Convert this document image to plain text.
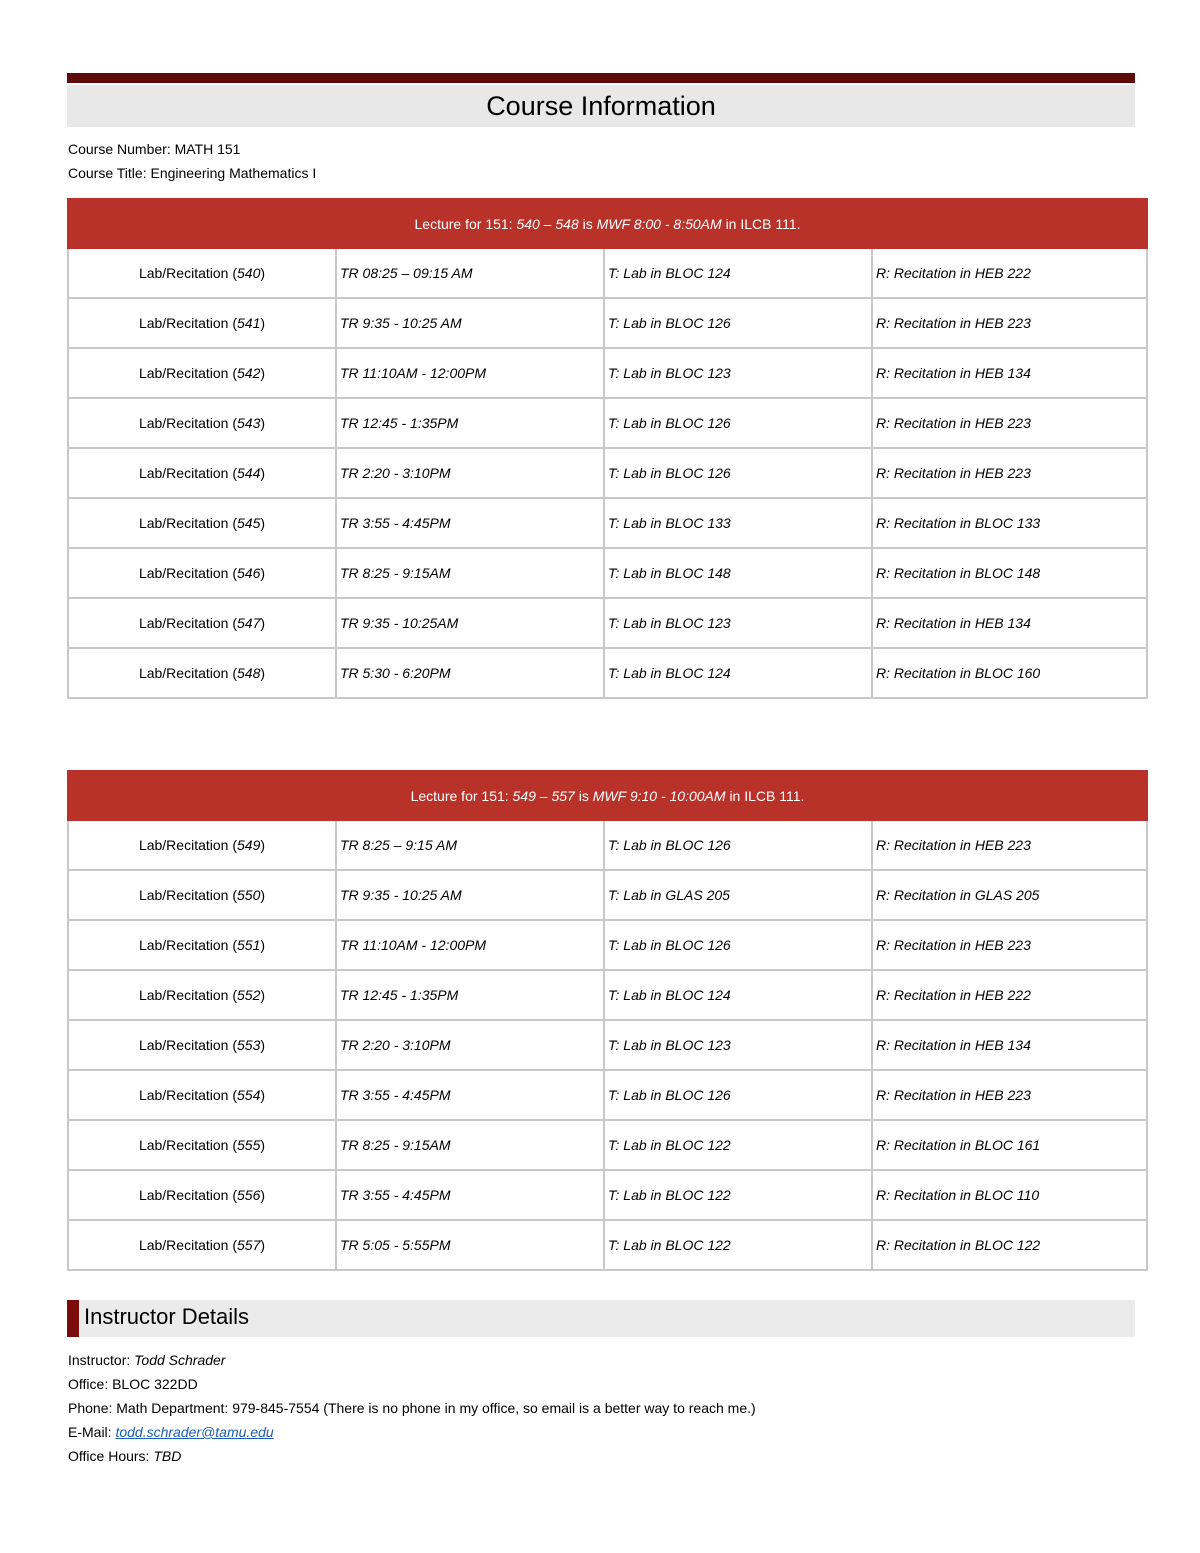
Course Information
Course Number: MATH 151
Course Title: Engineering Mathematics I
Lecture for 151: 540 – 548 is MWF 8:00 - 8:50AM in ILCB 111.			
Lab/Recitation (540)	TR 08:25 – 09:15 AM	T: Lab in BLOC 124	R: Recitation in HEB 222
Lab/Recitation (541)	TR 9:35 - 10:25 AM	T: Lab in BLOC 126	R: Recitation in HEB 223
Lab/Recitation (542)	TR 11:10AM - 12:00PM	T: Lab in BLOC 123	R: Recitation in HEB 134
Lab/Recitation (543)	TR 12:45 - 1:35PM	T: Lab in BLOC 126	R: Recitation in HEB 223
Lab/Recitation (544)	TR 2:20 - 3:10PM	T: Lab in BLOC 126	R: Recitation in HEB 223
Lab/Recitation (545)	TR 3:55 - 4:45PM	T: Lab in BLOC 133	R: Recitation in BLOC 133
Lab/Recitation (546)	TR 8:25 - 9:15AM	T: Lab in BLOC 148	R: Recitation in BLOC 148
Lab/Recitation (547)	TR 9:35 - 10:25AM	T: Lab in BLOC 123	R: Recitation in HEB 134
Lab/Recitation (548)	TR 5:30 - 6:20PM	T: Lab in BLOC 124	R: Recitation in BLOC 160
Lecture for 151: 549 – 557 is MWF 9:10 - 10:00AM in ILCB 111.			
Lab/Recitation (549)	TR 8:25 – 9:15 AM	T: Lab in BLOC 126	R: Recitation in HEB 223
Lab/Recitation (550)	TR 9:35 - 10:25 AM	T: Lab in GLAS 205	R: Recitation in GLAS 205
Lab/Recitation (551)	TR 11:10AM - 12:00PM	T: Lab in BLOC 126	R: Recitation in HEB 223
Lab/Recitation (552)	TR 12:45 - 1:35PM	T: Lab in BLOC 124	R: Recitation in HEB 222
Lab/Recitation (553)	TR 2:20 - 3:10PM	T: Lab in BLOC 123	R: Recitation in HEB 134
Lab/Recitation (554)	TR 3:55 - 4:45PM	T: Lab in BLOC 126	R: Recitation in HEB 223
Lab/Recitation (555)	TR 8:25 - 9:15AM	T: Lab in BLOC 122	R: Recitation in BLOC 161
Lab/Recitation (556)	TR 3:55 - 4:45PM	T: Lab in BLOC 122	R: Recitation in BLOC 110
Lab/Recitation (557)	TR 5:05 - 5:55PM	T: Lab in BLOC 122	R: Recitation in BLOC 122
Instructor Details
Instructor: Todd Schrader
Office: BLOC 322DD
Phone: Math Department: 979-845-7554 (There is no phone in my office, so email is a better way to reach me.)
E-Mail: todd.schrader@tamu.edu
Office Hours: TBD
